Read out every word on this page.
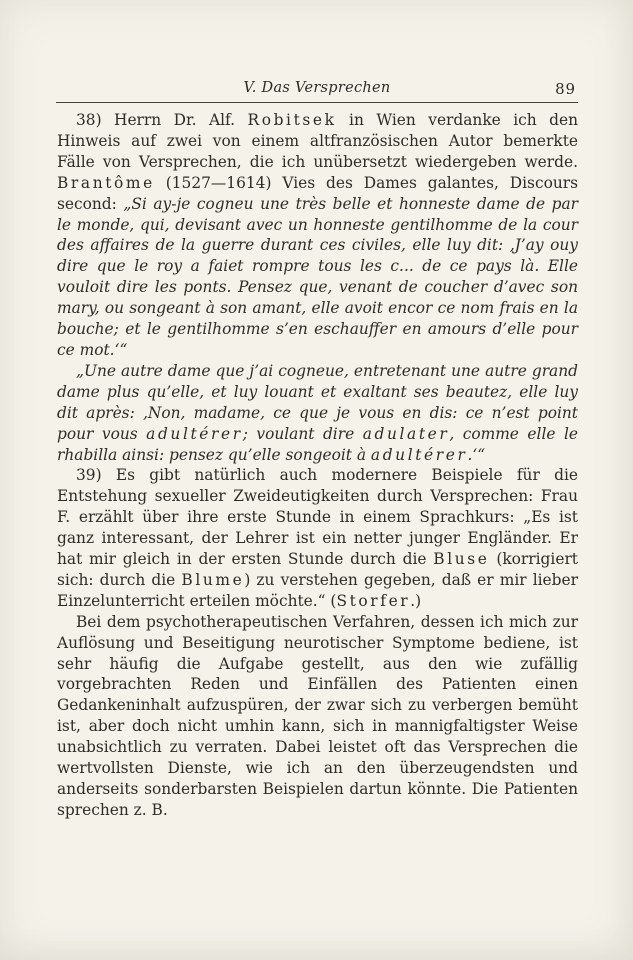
V. Das Versprechen	89

38) Herrn Dr. Alf. Robitsek in Wien verdanke ich den Hinweis auf zwei von einem altfranzösischen Autor bemerkte Fälle von Versprechen, die ich unübersetzt wiedergeben werde. Brantôme (1527—1614) Vies des Dames galantes, Discours second: „Si ay-je cogneu une très belle et honneste dame de par le monde, qui, devisant avec un honneste gentilhomme de la cour des affaires de la guerre durant ces civiles, elle luy dit: ‚J’ay ouy dire que le roy a faiet rompre tous les c... de ce pays là. Elle vouloit dire les ponts. Pensez que, venant de coucher d’avec son mary, ou songeant à son amant, elle avoit encor ce nom frais en la bouche; et le gentilhomme s’en eschauffer en amours d’elle pour ce mot.‘“

„Une autre dame que j’ai cogneue, entretenant une autre grand dame plus qu’elle, et luy louant et exaltant ses beautez, elle luy dit après: ‚Non, madame, ce que je vous en dis: ce n’est point pour vous adultérer; voulant dire adulater, comme elle le rhabilla ainsi: pensez qu’elle songeoit à adultérer.‘“

39) Es gibt natürlich auch modernere Beispiele für die Entstehung sexueller Zweideutigkeiten durch Versprechen: Frau F. erzählt über ihre erste Stunde in einem Sprachkurs: „Es ist ganz interessant, der Lehrer ist ein netter junger Engländer. Er hat mir gleich in der ersten Stunde durch die Bluse (korrigiert sich: durch die Blume) zu verstehen gegeben, daß er mir lieber Einzelunterricht erteilen möchte.“ (Storfer.)

Bei dem psychotherapeutischen Verfahren, dessen ich mich zur Auflösung und Beseitigung neurotischer Symptome bediene, ist sehr häufig die Aufgabe gestellt, aus den wie zufällig vorgebrachten Reden und Einfällen des Patienten einen Gedankeninhalt aufzuspüren, der zwar sich zu verbergen bemüht ist, aber doch nicht umhin kann, sich in mannigfaltigster Weise unabsichtlich zu verraten. Dabei leistet oft das Versprechen die wertvollsten Dienste, wie ich an den überzeugendsten und anderseits sonderbarsten Beispielen dartun könnte. Die Patienten sprechen z. B.
